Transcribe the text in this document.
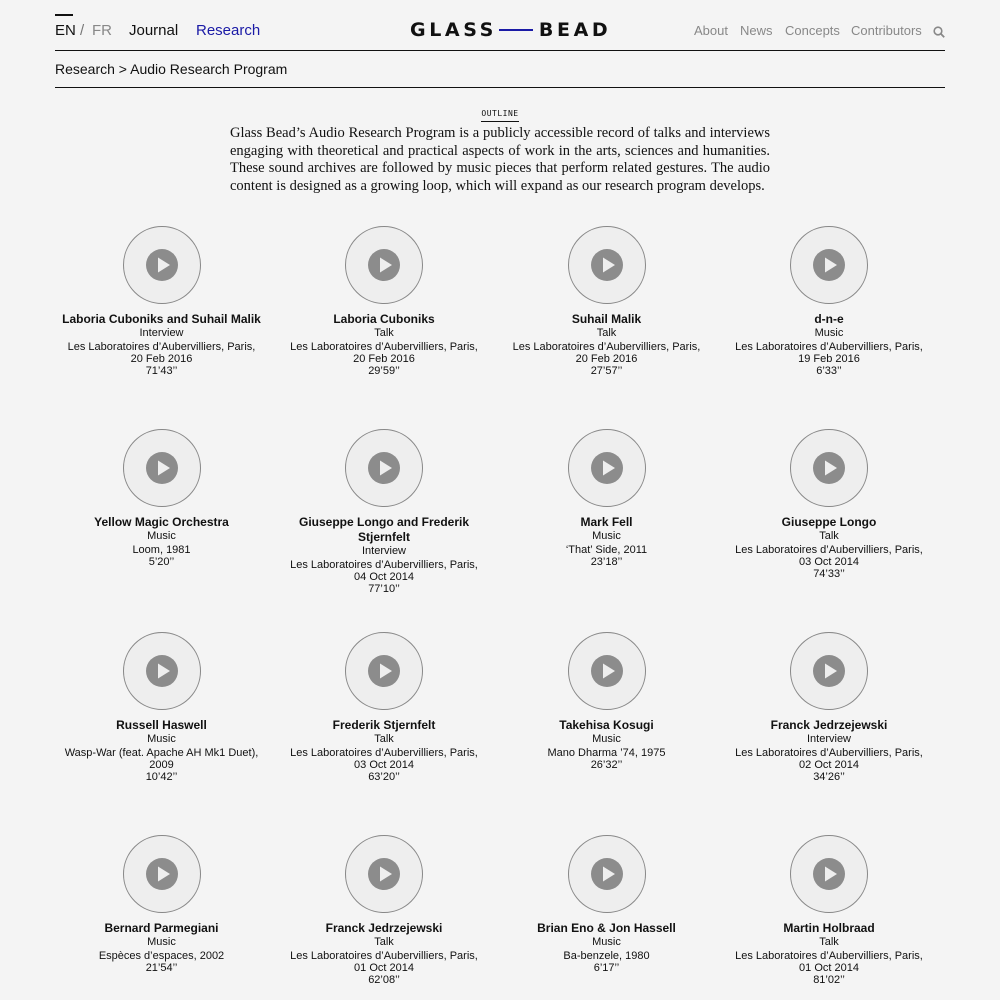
EN / FR Journal Research	GLASS BEAD	About News Concepts Contributors
Research > Audio Research Program
OUTLINE

Glass Bead’s Audio Research Program is a publicly accessible record of talks and interviews engaging with theoretical and practical aspects of work in the arts, sciences and humanities. These sound archives are followed by music pieces that perform related gestures. The audio content is designed as a growing loop, which will expand as our research program develops.

Laboria Cuboniks and Suhail Malik
Interview
Les Laboratoires d’Aubervilliers, Paris, 20 Feb 2016
71’43’’
Laboria Cuboniks
Talk
Les Laboratoires d’Aubervilliers, Paris, 20 Feb 2016
29’59’’
Suhail Malik
Talk
Les Laboratoires d’Aubervilliers, Paris, 20 Feb 2016
27’57’’
d-n-e
Music
Les Laboratoires d’Aubervilliers, Paris, 19 Feb 2016
6’33’’
Yellow Magic Orchestra
Music
Loom, 1981
5’20’’
Giuseppe Longo and Frederik Stjernfelt
Interview
Les Laboratoires d’Aubervilliers, Paris, 04 Oct 2014
77’10’’
Mark Fell
Music
‘That’ Side, 2011
23’18’’
Giuseppe Longo
Talk
Les Laboratoires d’Aubervilliers, Paris, 03 Oct 2014
74’33’’
Russell Haswell
Music
Wasp-War (feat. Apache AH Mk1 Duet), 2009
10’42’’
Frederik Stjernfelt
Talk
Les Laboratoires d’Aubervilliers, Paris, 03 Oct 2014
63’20’’
Takehisa Kosugi
Music
Mano Dharma ’74, 1975
26’32’’
Franck Jedrzejewski
Interview
Les Laboratoires d’Aubervilliers, Paris, 02 Oct 2014
34’26’’
Bernard Parmegiani
Music
Espèces d’espaces, 2002
21’54’’
Franck Jedrzejewski
Talk
Les Laboratoires d’Aubervilliers, Paris, 01 Oct 2014
62’08’’
Brian Eno & Jon Hassell
Music
Ba-benzele, 1980
6’17’’
Martin Holbraad
Talk
Les Laboratoires d’Aubervilliers, Paris, 01 Oct 2014
81’02’’
